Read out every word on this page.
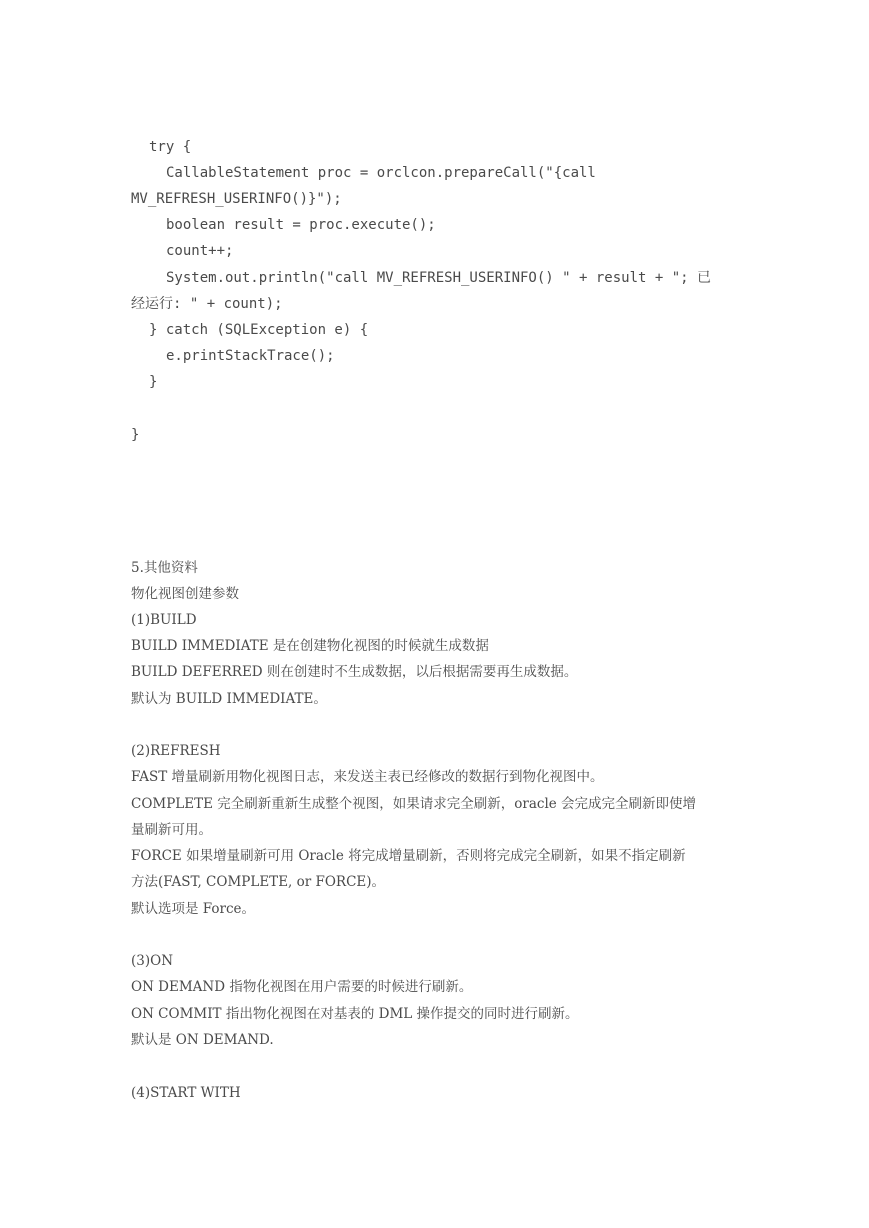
try {
CallableStatement proc = orclcon.prepareCall("{call
MV_REFRESH_USERINFO()}");
boolean result = proc.execute();
count++;
System.out.println("call MV_REFRESH_USERINFO() " + result + "; 已
经运行: " + count);
} catch (SQLException e) {
e.printStackTrace();
}
}
5.其他资料
物化视图创建参数
(1)BUILD
BUILD IMMEDIATE 是在创建物化视图的时候就生成数据
BUILD DEFERRED 则在创建时不生成数据，以后根据需要再生成数据。
默认为 BUILD IMMEDIATE。
(2)REFRESH
FAST 增量刷新用物化视图日志，来发送主表已经修改的数据行到物化视图中。
COMPLETE 完全刷新重新生成整个视图，如果请求完全刷新，oracle 会完成完全刷新即使增
量刷新可用。
FORCE 如果增量刷新可用 Oracle 将完成增量刷新，否则将完成完全刷新，如果不指定刷新
方法(FAST, COMPLETE, or FORCE)。
默认选项是 Force。
(3)ON
ON DEMAND 指物化视图在用户需要的时候进行刷新。
ON COMMIT 指出物化视图在对基表的 DML 操作提交的同时进行刷新。
默认是 ON DEMAND.
(4)START WITH
